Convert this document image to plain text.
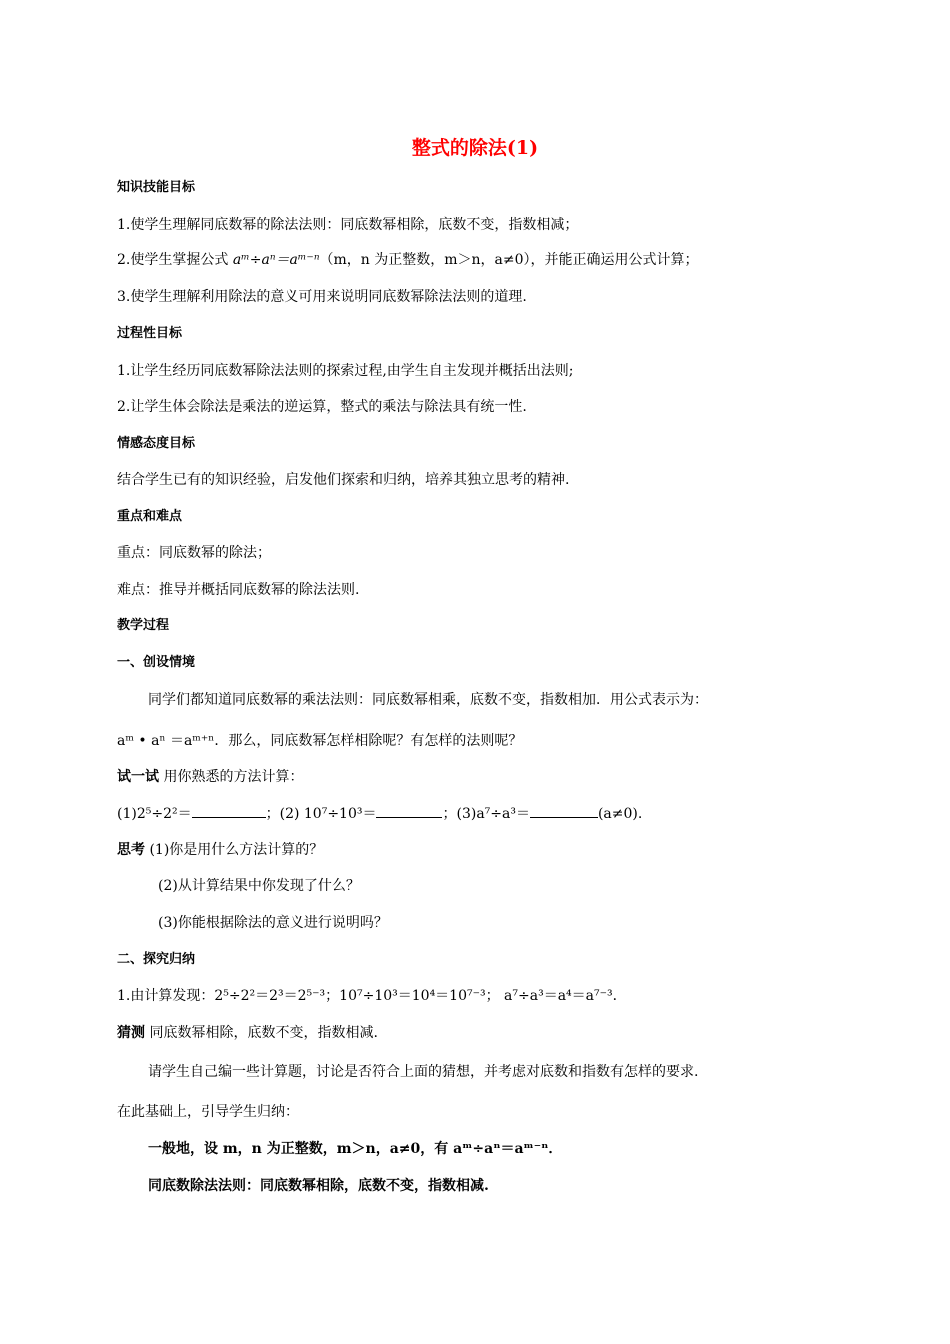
整式的除法(1)
知识技能目标
1.使学生理解同底数幂的除法法则：同底数幂相除，底数不变，指数相减；
2.使学生掌握公式 aᵐ÷aⁿ＝aᵐ⁻ⁿ（m，n 为正整数，m＞n，a≠0），并能正确运用公式计算；
3.使学生理解利用除法的意义可用来说明同底数幂除法法则的道理.
过程性目标
1.让学生经历同底数幂除法法则的探索过程,由学生自主发现并概括出法则;
2.让学生体会除法是乘法的逆运算，整式的乘法与除法具有统一性.
情感态度目标
结合学生已有的知识经验，启发他们探索和归纳，培养其独立思考的精神.
重点和难点
重点：同底数幂的除法；
难点：推导并概括同底数幂的除法法则.
教学过程
一、创设情境
同学们都知道同底数幂的乘法法则：同底数幂相乘，底数不变，指数相加．用公式表示为：
aᵐ • aⁿ ＝aᵐ⁺ⁿ．那么，同底数幂怎样相除呢？有怎样的法则呢？
试一试 用你熟悉的方法计算：
(1)2⁵÷2²＝	；(2) 10⁷÷10³＝	；(3)a⁷÷a³＝	(a≠0).
思考 (1)你是用什么方法计算的？
(2)从计算结果中你发现了什么？
(3)你能根据除法的意义进行说明吗？
二、探究归纳
1.由计算发现：2⁵÷2²＝2³＝2⁵⁻³；10⁷÷10³＝10⁴＝10⁷⁻³； a⁷÷a³＝a⁴＝a⁷⁻³．
猜测 同底数幂相除，底数不变，指数相减.
请学生自己编一些计算题，讨论是否符合上面的猜想，并考虑对底数和指数有怎样的要求.
在此基础上，引导学生归纳：
一般地，设 m，n 为正整数，m＞n，a≠0，有 aᵐ÷aⁿ＝aᵐ⁻ⁿ．
同底数除法法则：同底数幂相除，底数不变，指数相减.
